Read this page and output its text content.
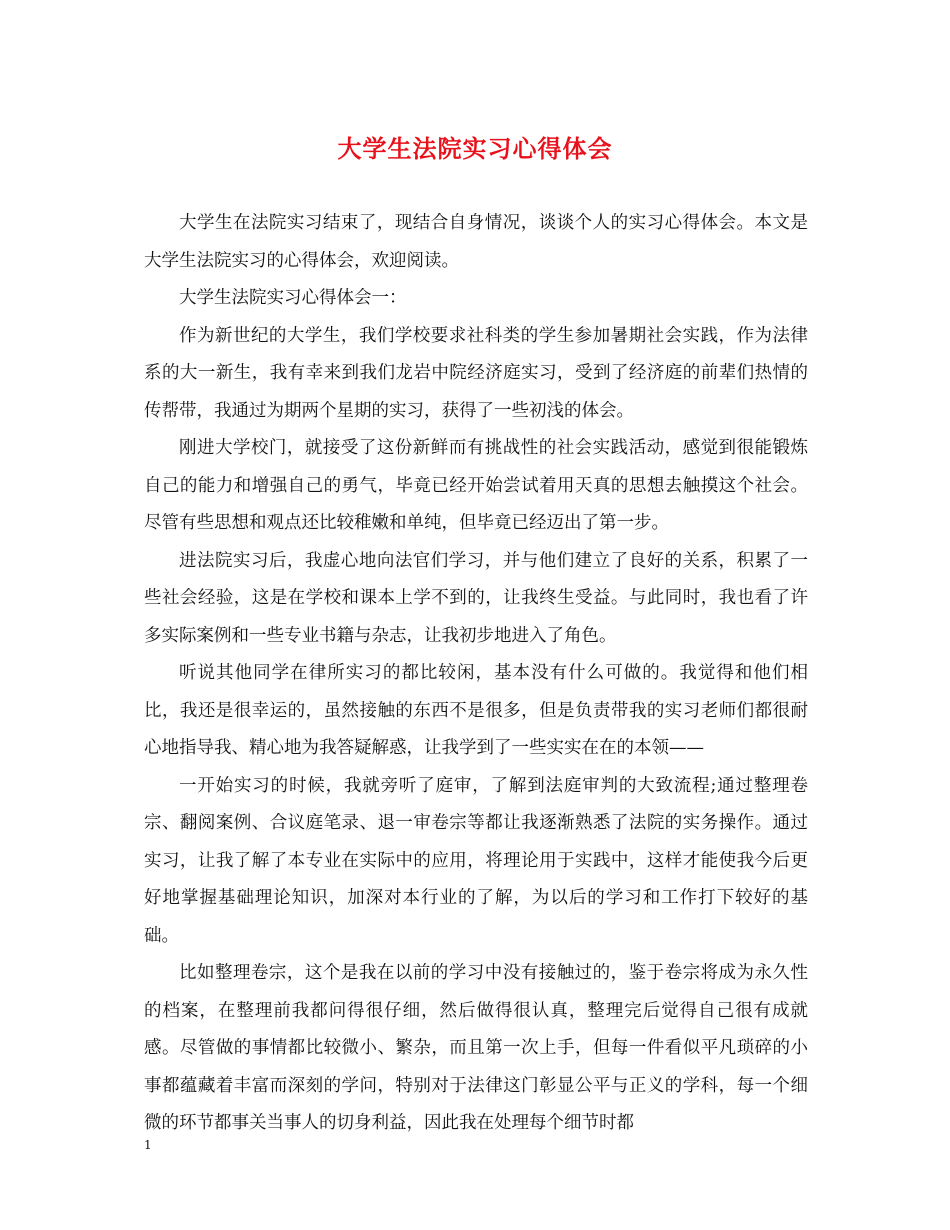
大学生法院实习心得体会

大学生在法院实习结束了，现结合自身情况，谈谈个人的实习心得体会。本文是大学生法院实习的心得体会，欢迎阅读。

大学生法院实习心得体会一：

作为新世纪的大学生，我们学校要求社科类的学生参加暑期社会实践，作为法律系的大一新生，我有幸来到我们龙岩中院经济庭实习，受到了经济庭的前辈们热情的传帮带，我通过为期两个星期的实习，获得了一些初浅的体会。

刚进大学校门，就接受了这份新鲜而有挑战性的社会实践活动，感觉到很能锻炼自己的能力和增强自己的勇气，毕竟已经开始尝试着用天真的思想去触摸这个社会。尽管有些思想和观点还比较稚嫩和单纯，但毕竟已经迈出了第一步。

进法院实习后，我虚心地向法官们学习，并与他们建立了良好的关系，积累了一些社会经验，这是在学校和课本上学不到的，让我终生受益。与此同时，我也看了许多实际案例和一些专业书籍与杂志，让我初步地进入了角色。

听说其他同学在律所实习的都比较闲，基本没有什么可做的。我觉得和他们相比，我还是很幸运的，虽然接触的东西不是很多，但是负责带我的实习老师们都很耐心地指导我、精心地为我答疑解惑，让我学到了一些实实在在的本领——

一开始实习的时候，我就旁听了庭审，了解到法庭审判的大致流程;通过整理卷宗、翻阅案例、合议庭笔录、退一审卷宗等都让我逐渐熟悉了法院的实务操作。通过实习，让我了解了本专业在实际中的应用，将理论用于实践中，这样才能使我今后更好地掌握基础理论知识，加深对本行业的了解，为以后的学习和工作打下较好的基础。

比如整理卷宗，这个是我在以前的学习中没有接触过的，鉴于卷宗将成为永久性的档案，在整理前我都问得很仔细，然后做得很认真，整理完后觉得自己很有成就感。尽管做的事情都比较微小、繁杂，而且第一次上手，但每一件看似平凡琐碎的小事都蕴藏着丰富而深刻的学问，特别对于法律这门彰显公平与正义的学科，每一个细微的环节都事关当事人的切身利益，因此我在处理每个细节时都

1
